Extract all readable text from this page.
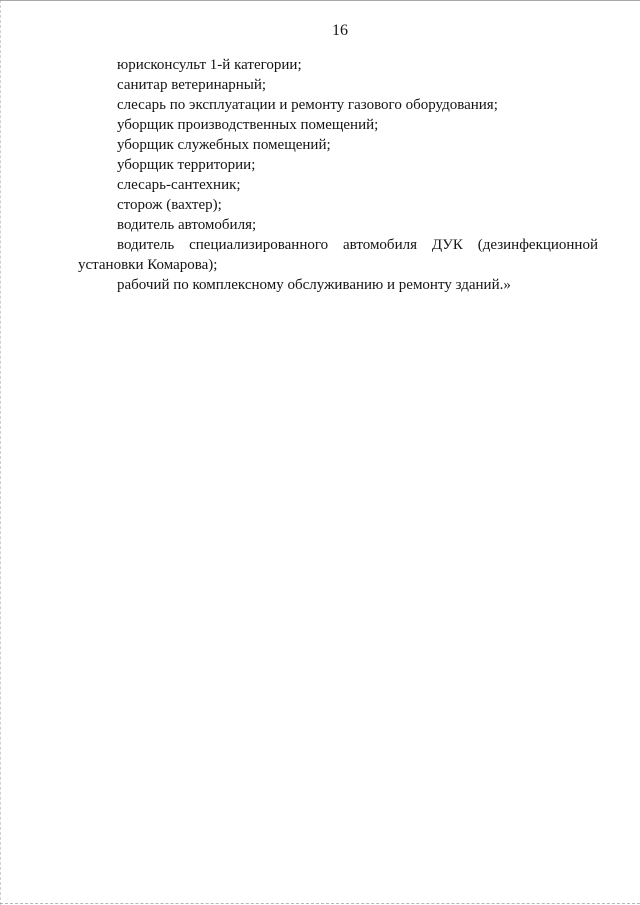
16

юрисконсульт 1-й категории;

санитар ветеринарный;

слесарь по эксплуатации и ремонту газового оборудования;

уборщик производственных помещений;

уборщик служебных помещений;

уборщик территории;

слесарь-сантехник;

сторож (вахтер);

водитель автомобиля;

водитель специализированного автомобиля ДУК (дезинфекционной установки Комарова);

рабочий по комплексному обслуживанию и ремонту зданий.»
